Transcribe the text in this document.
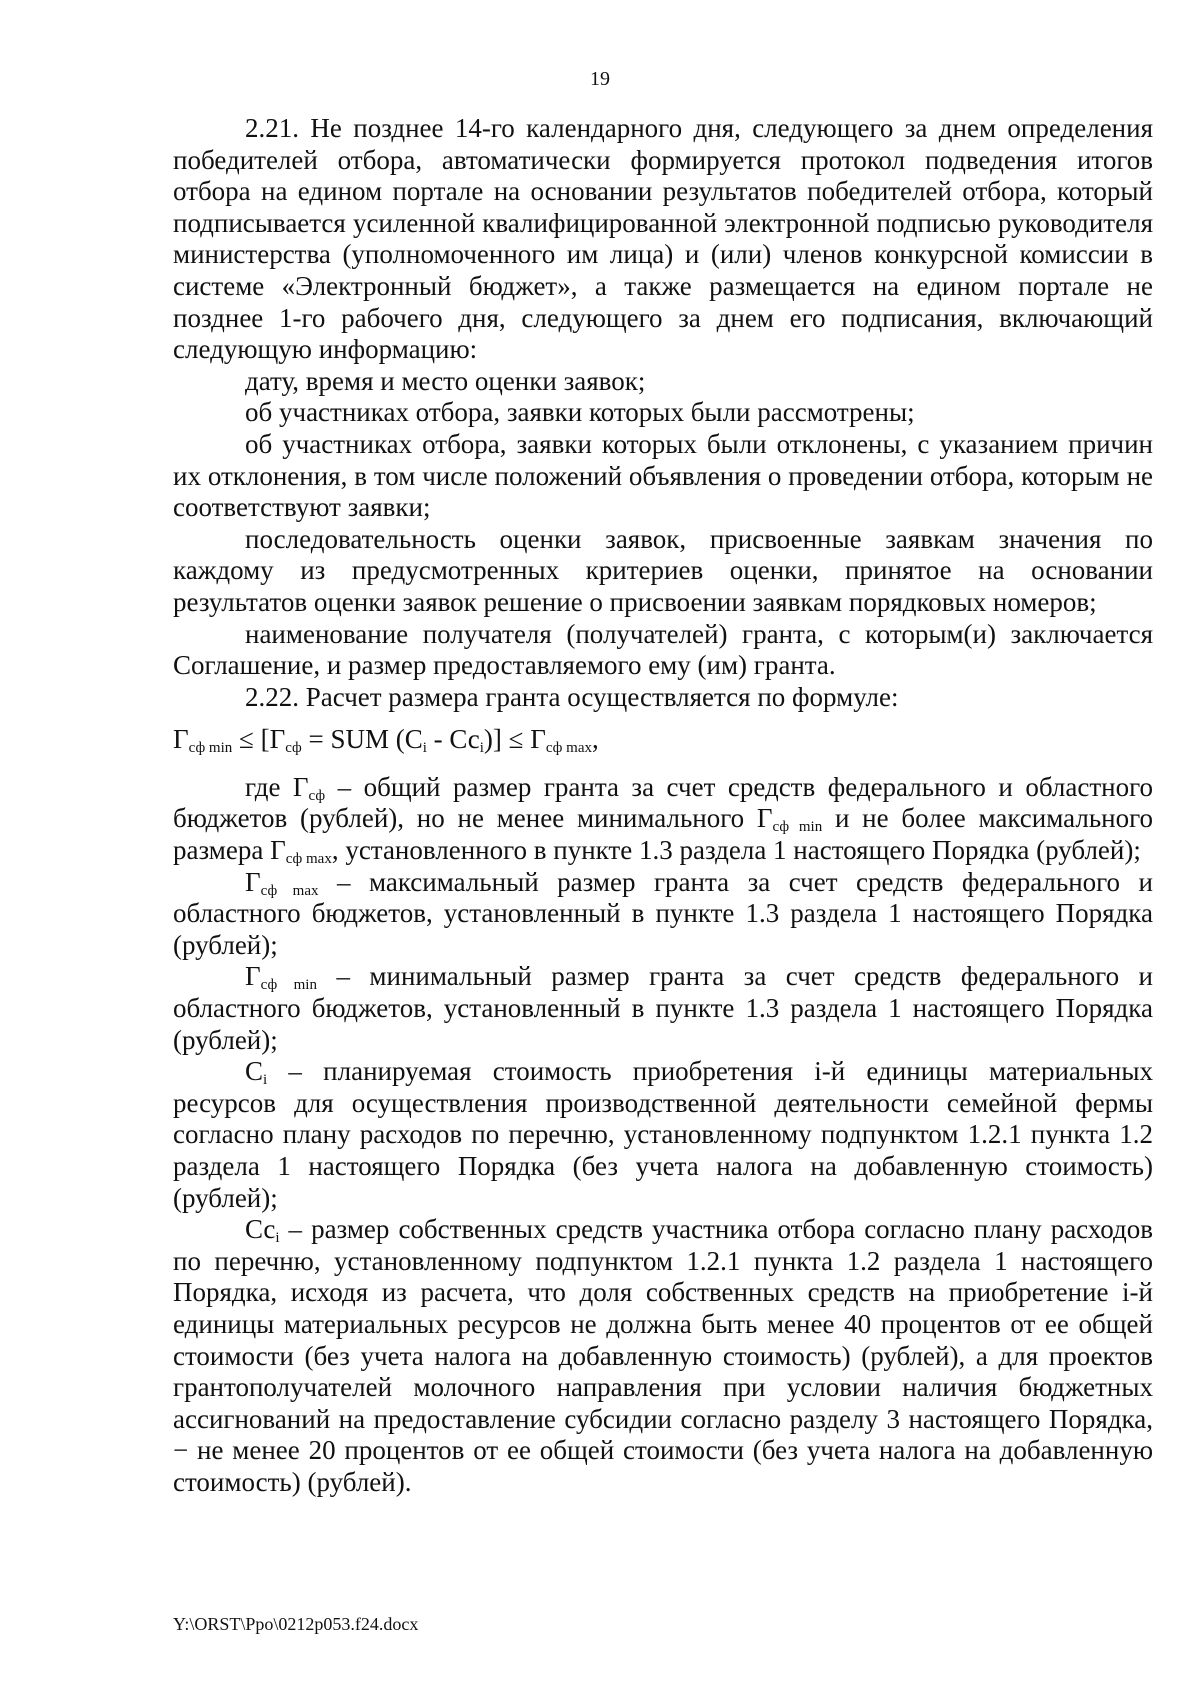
19

2.21. Не позднее 14-го календарного дня, следующего за днем определения победителей отбора, автоматически формируется протокол подведения итогов отбора на едином портале на основании результатов победителей отбора, который подписывается усиленной квалифицированной электронной подписью руководителя министерства (уполномоченного им лица) и (или) членов конкурсной комиссии в системе «Электронный бюджет», а также размещается на едином портале не позднее 1-го рабочего дня, следующего за днем его подписания, включающий следующую информацию:

дату, время и место оценки заявок;

об участниках отбора, заявки которых были рассмотрены;

об участниках отбора, заявки которых были отклонены, с указанием причин их отклонения, в том числе положений объявления о проведении отбора, которым не соответствуют заявки;

последовательность оценки заявок, присвоенные заявкам значения по каждому из предусмотренных критериев оценки, принятое на основании результатов оценки заявок решение о присвоении заявкам порядковых номеров;

наименование получателя (получателей) гранта, с которым(и) заключается Соглашение, и размер предоставляемого ему (им) гранта.

2.22. Расчет размера гранта осуществляется по формуле:

$Г_{сф min} \le [Г_{сф}$ = SUM $(С_i - Сс_i)] \le Г_{сф max}$,

где $Г_{сф}$ – общий размер гранта за счет средств федерального и областного бюджетов (рублей), но не менее минимального $Г_{сф min}$ и не более максимального размера $Г_{сф max}$, установленного в пункте 1.3 раздела 1 настоящего Порядка (рублей);

$Г_{сф max}$ – максимальный размер гранта за счет средств федерального и областного бюджетов, установленный в пункте 1.3 раздела 1 настоящего Порядка (рублей);

$Г_{сф min}$ – минимальный размер гранта за счет средств федерального и областного бюджетов, установленный в пункте 1.3 раздела 1 настоящего Порядка (рублей);

$С_i$ – планируемая стоимость приобретения i-й единицы материальных ресурсов для осуществления производственной деятельности семейной фермы согласно плану расходов по перечню, установленному подпунктом 1.2.1 пункта 1.2 раздела 1 настоящего Порядка (без учета налога на добавленную стоимость) (рублей);

$Сс_i$ – размер собственных средств участника отбора согласно плану расходов по перечню, установленному подпунктом 1.2.1 пункта 1.2 раздела 1 настоящего Порядка, исходя из расчета, что доля собственных средств на приобретение i-й единицы материальных ресурсов не должна быть менее 40 процентов от ее общей стоимости (без учета налога на добавленную стоимость) (рублей), а для проектов грантополучателей молочного направления при условии наличия бюджетных ассигнований на предоставление субсидии согласно разделу 3 настоящего Порядка, − не менее 20 процентов от ее общей стоимости (без учета налога на добавленную стоимость) (рублей).

Y:\ORST\Ppo\0212p053.f24.docx
